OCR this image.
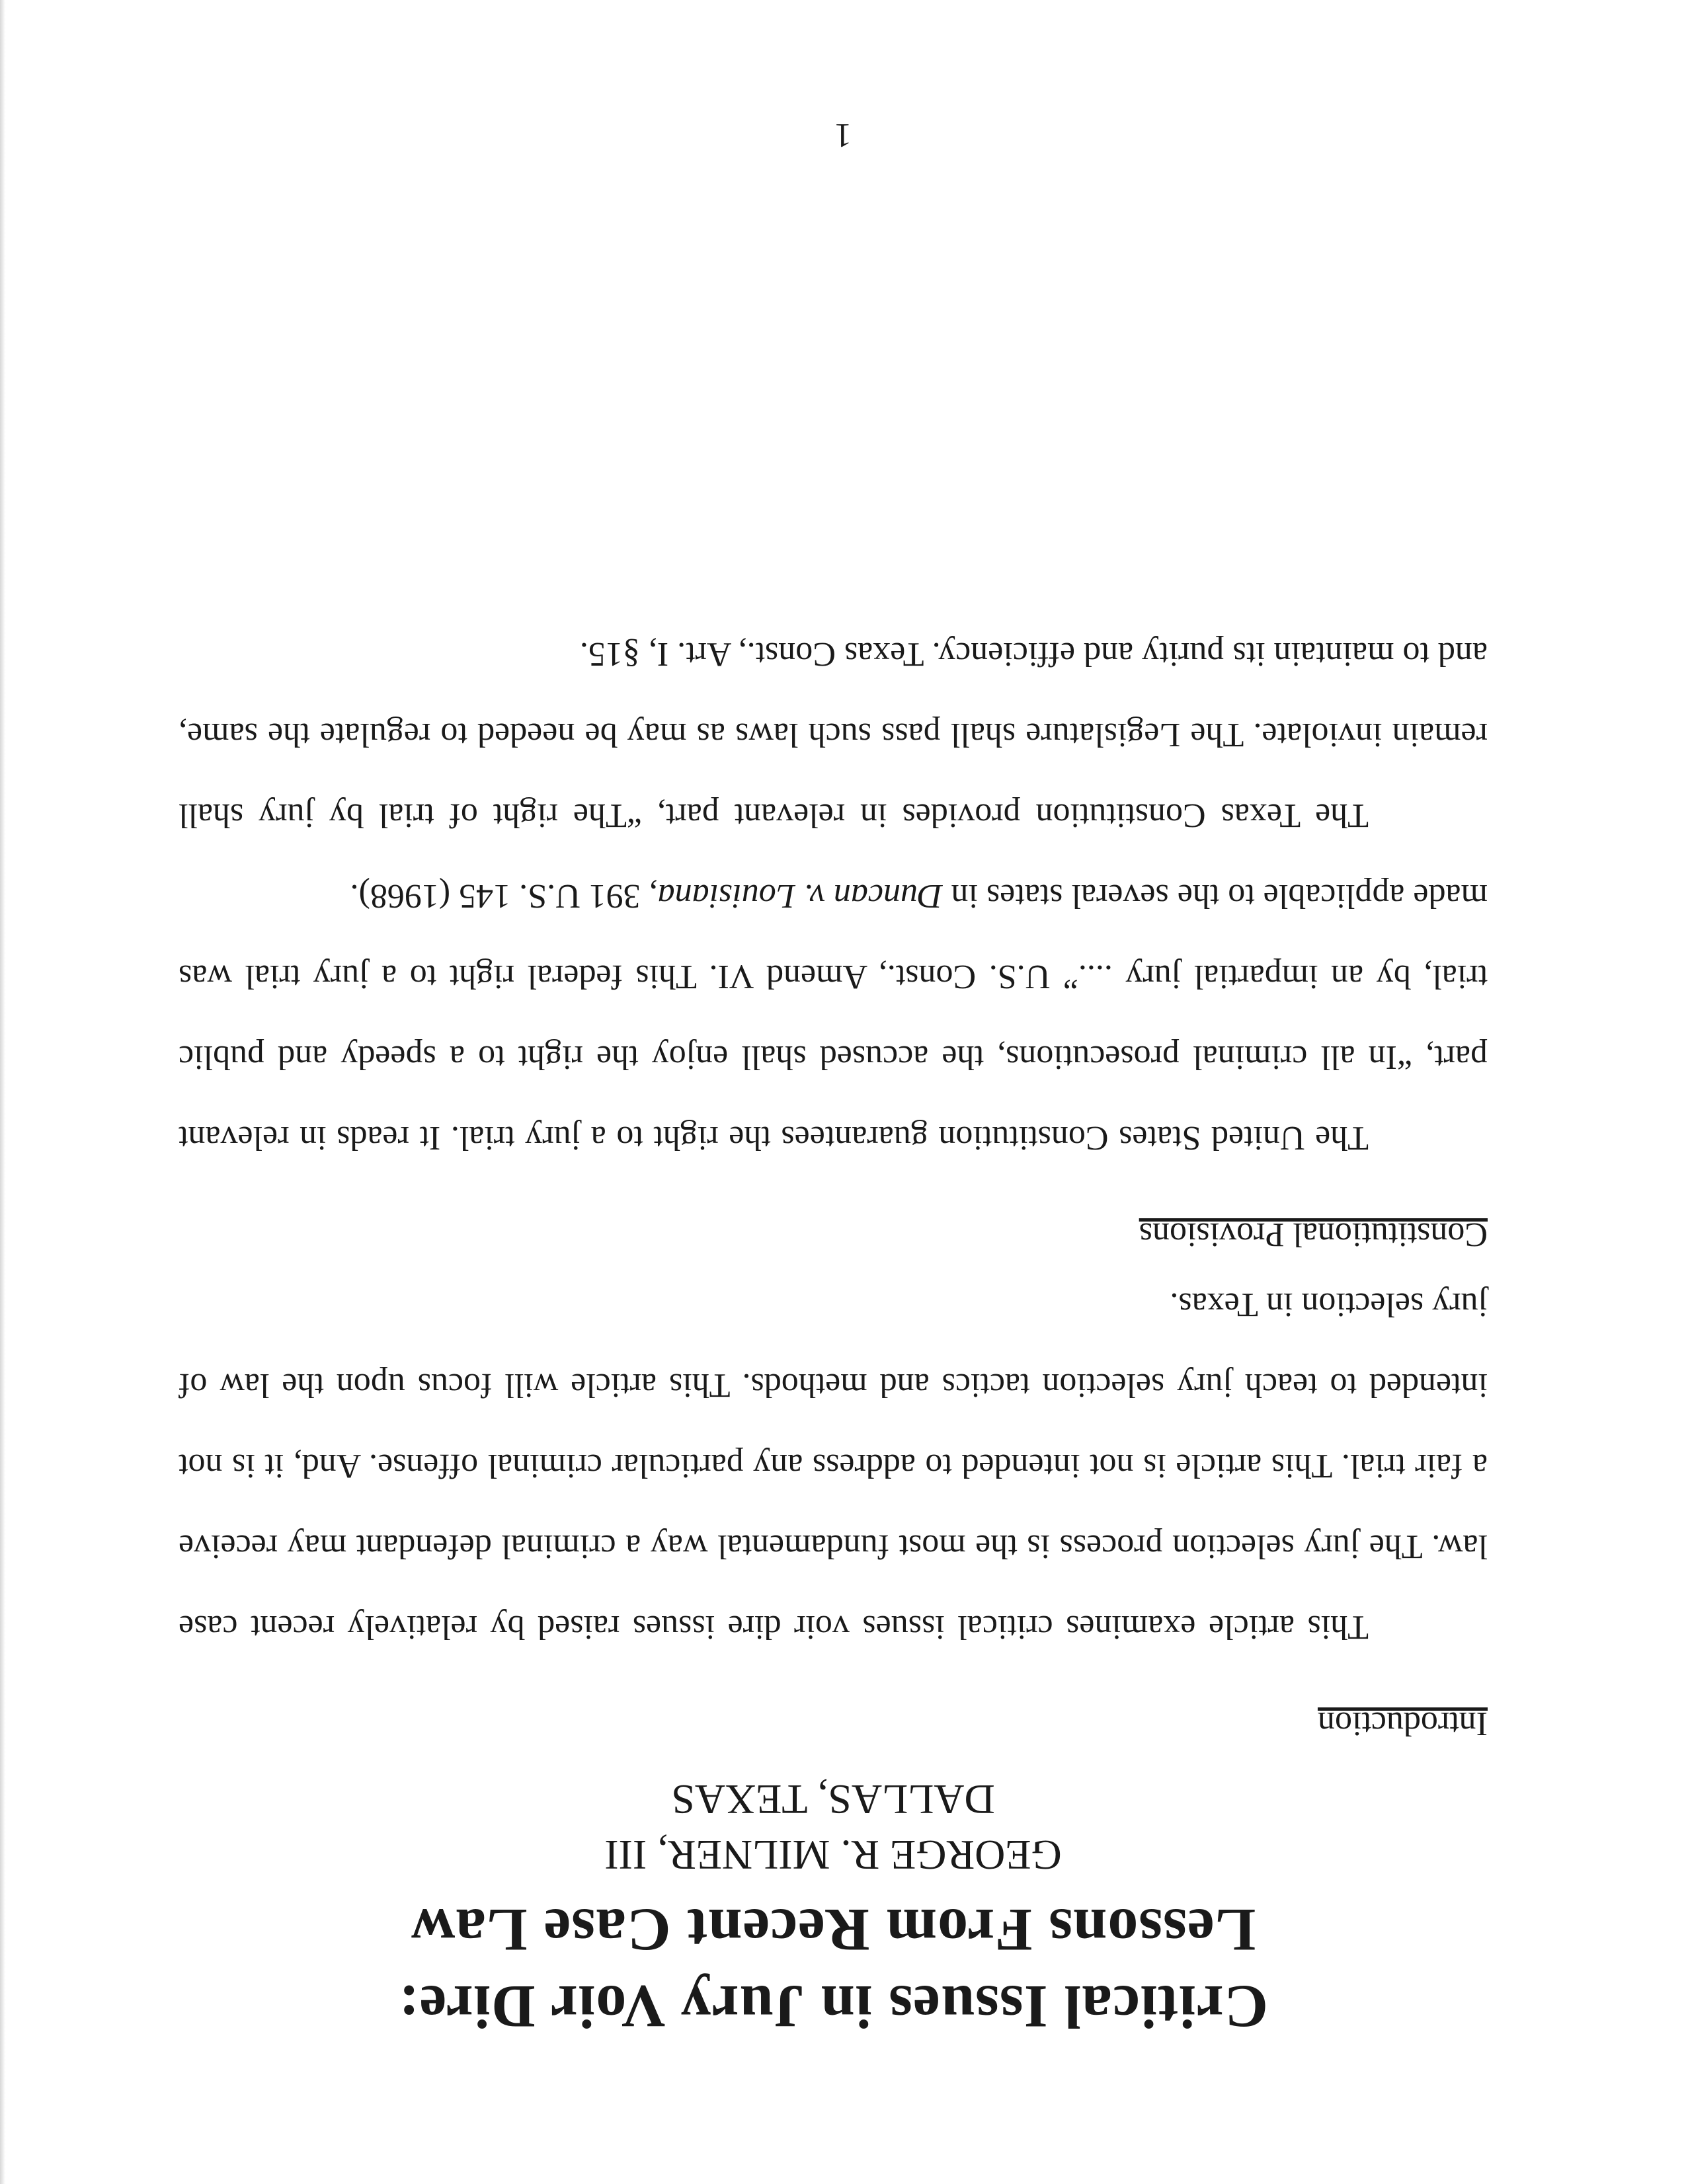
Critical Issues in Jury Voir Dire:
Lessons From Recent Case Law

GEORGE R. MILNER, III

DALLAS, TEXAS

Introduction

This article examines critical issues voir dire issues raised by relatively recent case law. The jury selection process is the most fundamental way a criminal defendant may receive a fair trial. This article is not intended to address any particular criminal offense. And, it is not intended to teach jury selection tactics and methods. This article will focus upon the law of jury selection in Texas.

Constitutional Provisions

The United States Constitution guarantees the right to a jury trial. It reads in relevant part, “In all criminal prosecutions, the accused shall enjoy the right to a speedy and public trial, by an impartial jury ....” U.S. Const., Amend VI. This federal right to a jury trial was made applicable to the several states in Duncan v. Louisiana, 391 U.S. 145 (1968).

The Texas Constitution provides in relevant part, “The right of trial by jury shall remain inviolate. The Legislature shall pass such laws as may be needed to regulate the same, and to maintain its purity and efficiency. Texas Const., Art. I, §15.

1
